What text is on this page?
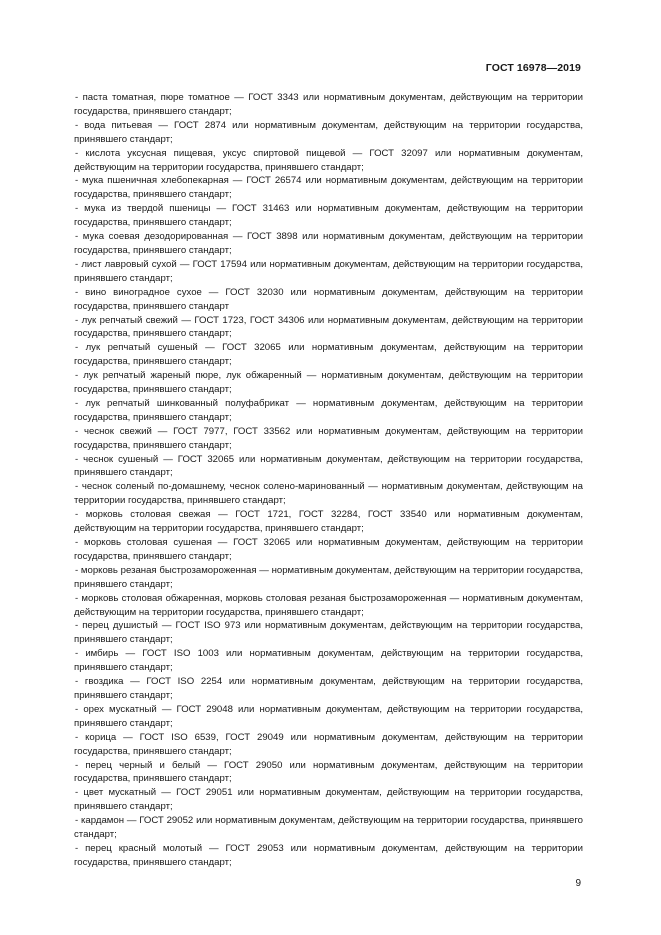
ГОСТ 16978—2019

- паста томатная, пюре томатное — ГОСТ 3343 или нормативным документам, действующим на территории государства, принявшего стандарт;

- вода питьевая — ГОСТ 2874 или нормативным документам, действующим на территории государства, принявшего стандарт;

- кислота уксусная пищевая, уксус спиртовой пищевой — ГОСТ 32097 или нормативным документам, действующим на территории государства, принявшего стандарт;

- мука пшеничная хлебопекарная — ГОСТ 26574 или нормативным документам, действующим на территории государства, принявшего стандарт;

- мука из твердой пшеницы — ГОСТ 31463 или нормативным документам, действующим на территории государства, принявшего стандарт;

- мука соевая дезодорированная — ГОСТ 3898 или нормативным документам, действующим на территории государства, принявшего стандарт;

- лист лавровый сухой — ГОСТ 17594 или нормативным документам, действующим на территории государства, принявшего стандарт;

- вино виноградное сухое — ГОСТ 32030 или нормативным документам, действующим на территории государства, принявшего стандарт

- лук репчатый свежий — ГОСТ 1723, ГОСТ 34306 или нормативным документам, действующим на территории государства, принявшего стандарт;

- лук репчатый сушеный — ГОСТ 32065 или нормативным документам, действующим на территории государства, принявшего стандарт;

- лук репчатый жареный пюре, лук обжаренный — нормативным документам, действующим на территории государства, принявшего стандарт;

- лук репчатый шинкованный полуфабрикат — нормативным документам, действующим на территории государства, принявшего стандарт;

- чеснок свежий — ГОСТ 7977, ГОСТ 33562 или нормативным документам, действующим на территории государства, принявшего стандарт;

- чеснок сушеный — ГОСТ 32065 или нормативным документам, действующим на территории государства, принявшего стандарт;

- чеснок соленый по-домашнему, чеснок солено-маринованный — нормативным документам, действующим на территории государства, принявшего стандарт;

- морковь столовая свежая — ГОСТ 1721, ГОСТ 32284, ГОСТ 33540 или нормативным документам, действующим на территории государства, принявшего стандарт;

- морковь столовая сушеная — ГОСТ 32065 или нормативным документам, действующим на территории государства, принявшего стандарт;

- морковь резаная быстрозамороженная — нормативным документам, действующим на территории государства, принявшего стандарт;

- морковь столовая обжаренная, морковь столовая резаная быстрозамороженная — нормативным документам, действующим на территории государства, принявшего стандарт;

- перец душистый — ГОСТ ISO 973 или нормативным документам, действующим на территории государства, принявшего стандарт;

- имбирь — ГОСТ ISO 1003 или нормативным документам, действующим на территории государства, принявшего стандарт;

- гвоздика — ГОСТ ISO 2254 или нормативным документам, действующим на территории государства, принявшего стандарт;

- орех мускатный — ГОСТ 29048 или нормативным документам, действующим на территории государства, принявшего стандарт;

- корица — ГОСТ ISO 6539, ГОСТ 29049 или нормативным документам, действующим на территории государства, принявшего стандарт;

- перец черный и белый — ГОСТ 29050 или нормативным документам, действующим на территории государства, принявшего стандарт;

- цвет мускатный — ГОСТ 29051 или нормативным документам, действующим на территории государства, принявшего стандарт;

- кардамон — ГОСТ 29052 или нормативным документам, действующим на территории государства, принявшего стандарт;

- перец красный молотый — ГОСТ 29053 или нормативным документам, действующим на территории государства, принявшего стандарт;

9
